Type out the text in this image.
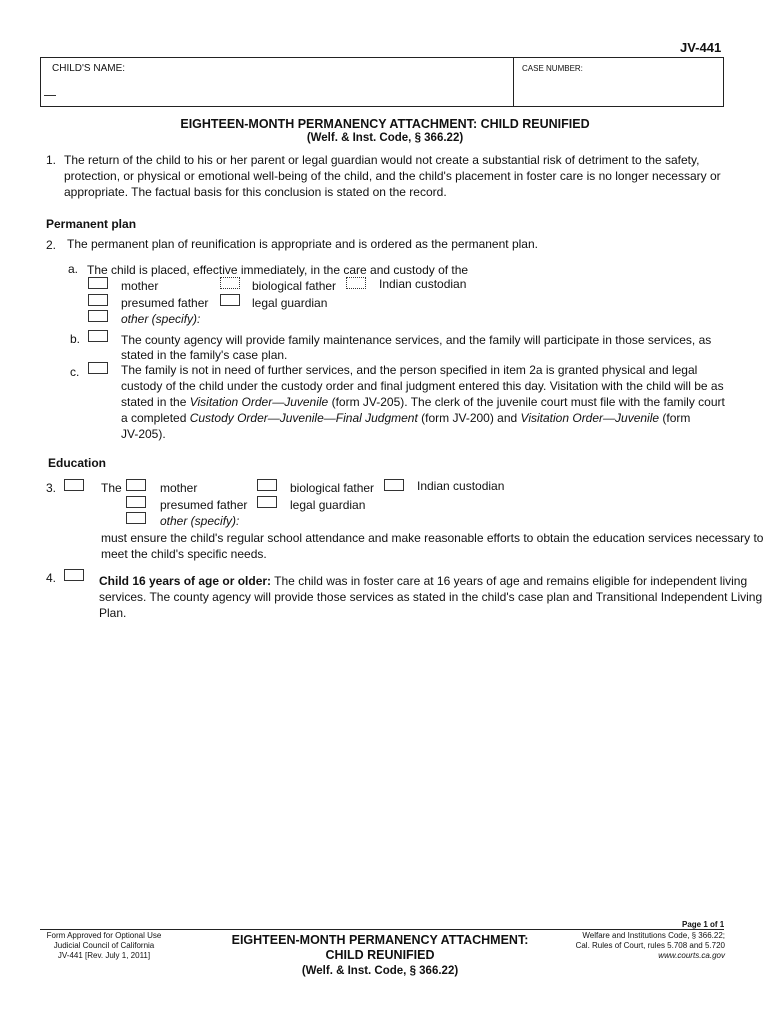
JV-441
CHILD'S NAME:	CASE NUMBER:
EIGHTEEN-MONTH PERMANENCY ATTACHMENT: CHILD REUNIFIED
(Welf. & Inst. Code, § 366.22)
1. The return of the child to his or her parent or legal guardian would not create a substantial risk of detriment to the safety,
protection, or physical or emotional well-being of the child, and the child's placement in foster care is no longer necessary or
appropriate. The factual basis for this conclusion is stated on the record.
Permanent plan
2. The permanent plan of reunification is appropriate and is ordered as the permanent plan.
a. The child is placed, effective immediately, in the care and custody of the
mother	biological father	Indian custodian
presumed father	legal guardian
other (specify):
b.	The county agency will provide family maintenance services, and the family will participate in those services, as
stated in the family's case plan.
c.	The family is not in need of further services, and the person specified in item 2a is granted physical and legal
custody of the child under the custody order and final judgment entered this day. Visitation with the child will be as
stated in the Visitation Order—Juvenile (form JV-205). The clerk of the juvenile court must file with the family court
a completed Custody Order—Juvenile—Final Judgment (form JV-200) and Visitation Order—Juvenile (form
JV-205).
Education
3.	The	mother	biological father	Indian custodian
presumed father	legal guardian
other (specify):
must ensure the child's regular school attendance and make reasonable efforts to obtain the education services necessary to
meet the child's specific needs.
4.	Child 16 years of age or older: The child was in foster care at 16 years of age and remains eligible for independent living
services. The county agency will provide those services as stated in the child's case plan and Transitional Independent Living
Plan.
Page 1 of 1
Form Approved for Optional Use
Judicial Council of California
JV-441 [Rev. July 1, 2011]
EIGHTEEN-MONTH PERMANENCY ATTACHMENT:
CHILD REUNIFIED
(Welf. & Inst. Code, § 366.22)
Welfare and Institutions Code, § 366.22;
Cal. Rules of Court, rules 5.708 and 5.720
www.courts.ca.gov
